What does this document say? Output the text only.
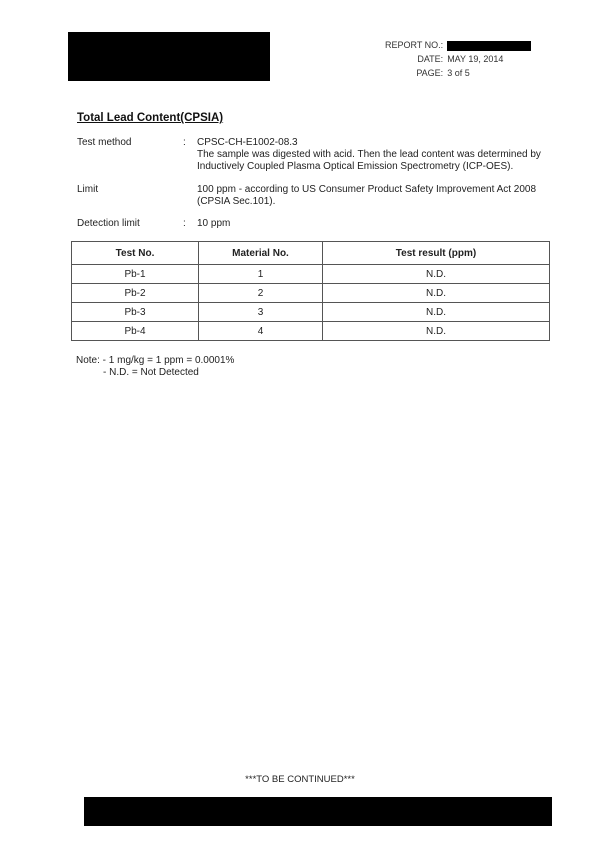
REPORT NO.:
DATE: MAY 19, 2014
PAGE: 3 of 5
Total Lead Content(CPSIA)
Test method	: CPSC-CH-E1002-08.3
The sample was digested with acid. Then the lead content was determined by Inductively Coupled Plasma Optical Emission Spectrometry (ICP-OES).
Limit	100 ppm - according to US Consumer Product Safety Improvement Act 2008 (CPSIA Sec.101).
Detection limit	: 10 ppm
Test No.	Material No.	Test result (ppm)
Pb-1	1	N.D.
Pb-2	2	N.D.
Pb-3	3	N.D.
Pb-4	4	N.D.
Note: - 1 mg/kg = 1 ppm = 0.0001%
- N.D. = Not Detected
***TO BE CONTINUED***
